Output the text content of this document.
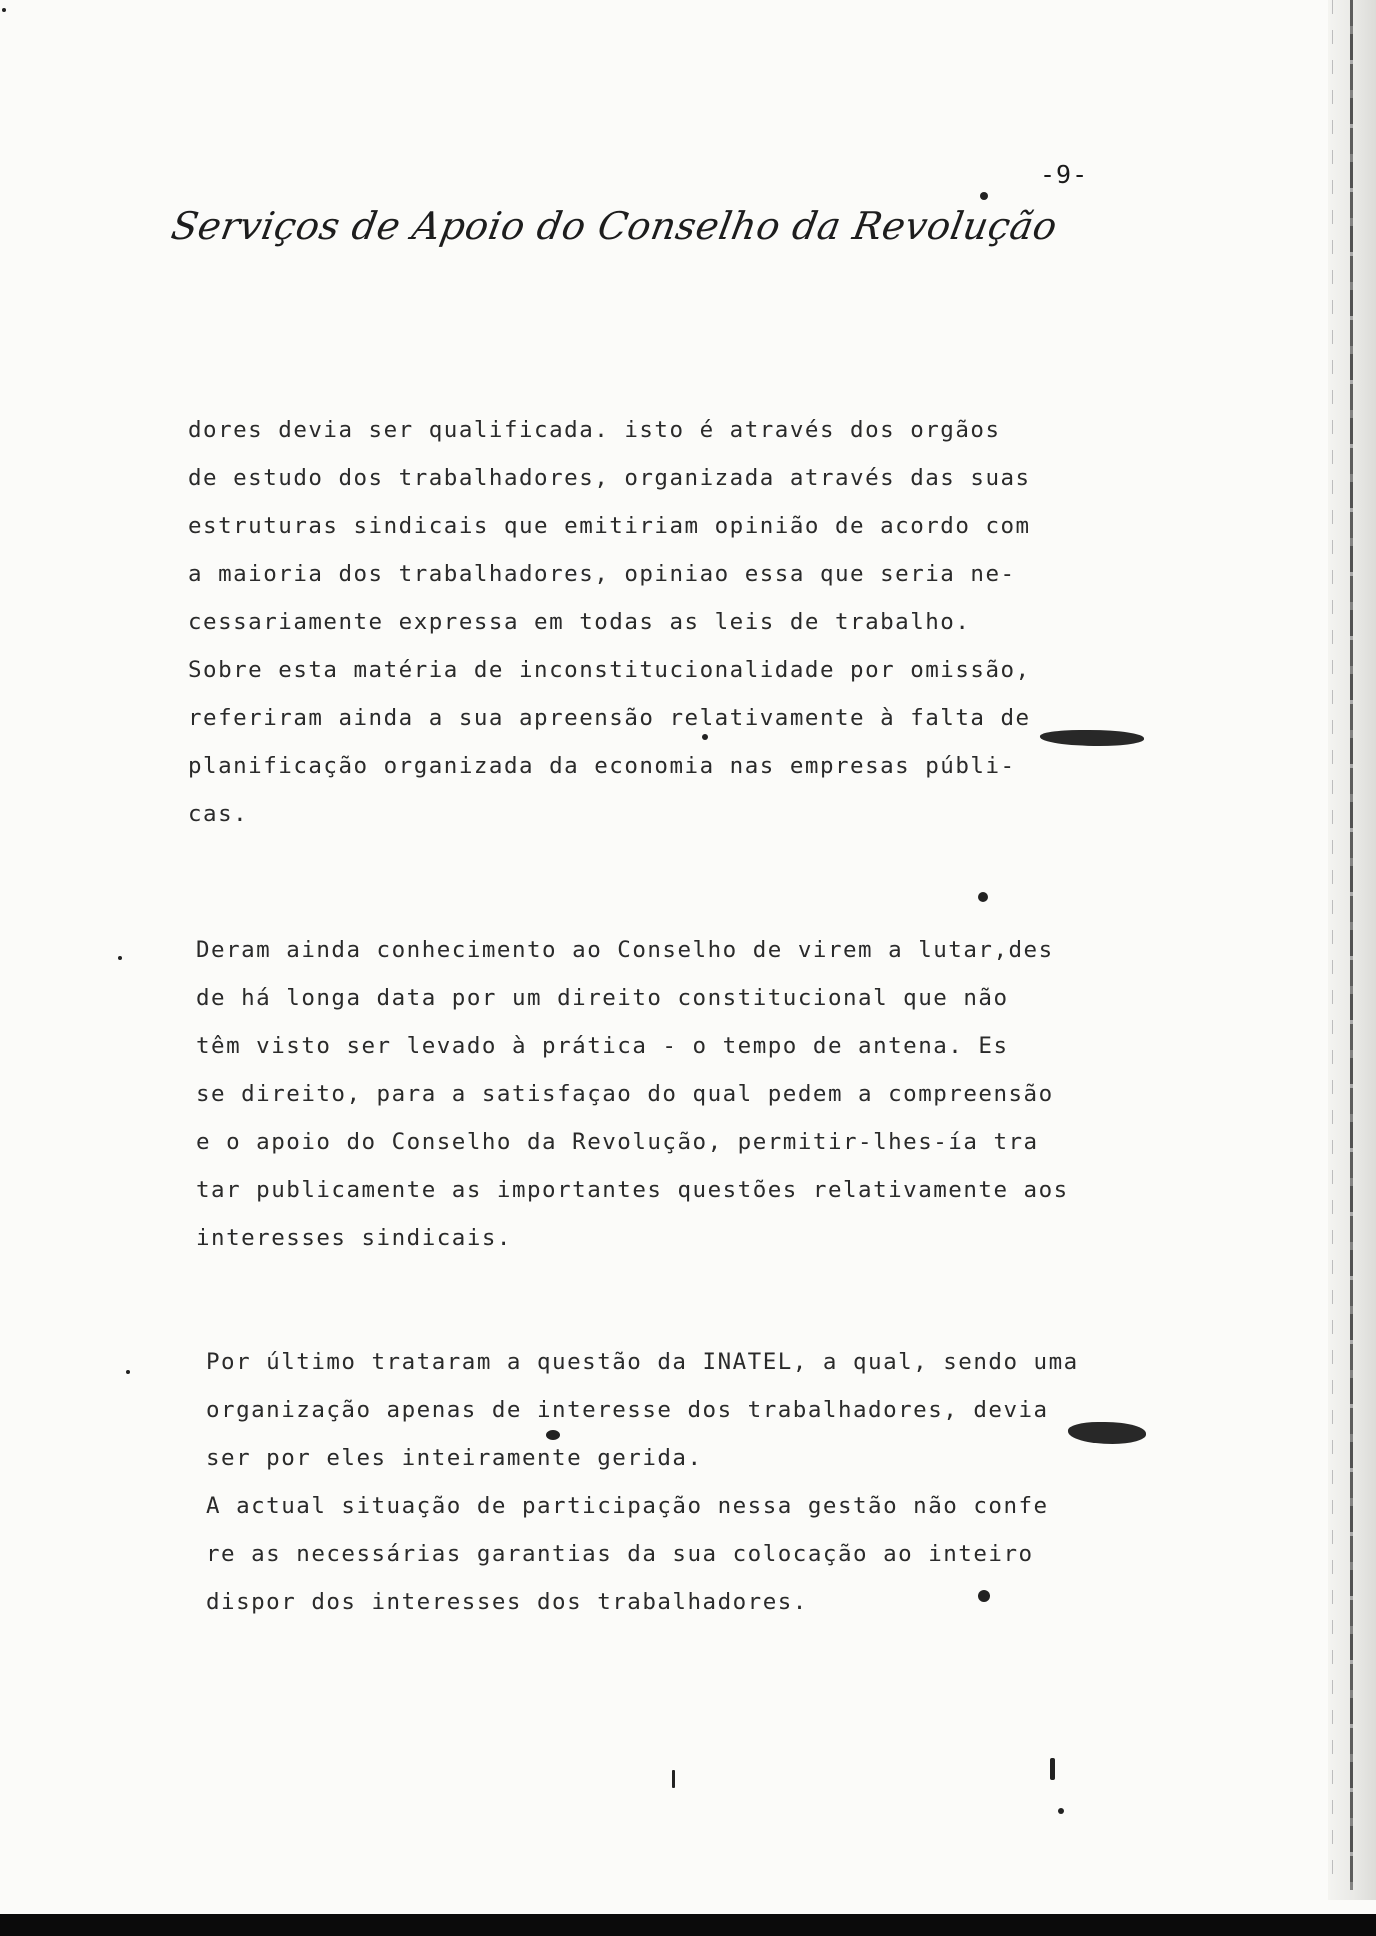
-9-
Serviços de Apoio do Conselho da Revolução
dores devia ser qualificada. isto é através dos orgãos
de estudo dos trabalhadores, organizada através das suas
estruturas sindicais que emitiriam opinião de acordo com
a maioria dos trabalhadores, opiniao essa que seria ne-
cessariamente expressa em todas as leis de trabalho.
Sobre esta matéria de inconstitucionalidade por omissão,
referiram ainda a sua apreensão relativamente à falta de
planificação organizada da economia nas empresas públi-
cas.
Deram ainda conhecimento ao Conselho de virem a lutar,des
de há longa data por um direito constitucional que não
têm visto ser levado à prática - o tempo de antena. Es
se direito, para a satisfaçao do qual pedem a compreensão
e o apoio do Conselho da Revolução, permitir-lhes-ía tra
tar publicamente as importantes questões relativamente aos
interesses sindicais.
Por último trataram a questão da INATEL, a qual, sendo uma
organização apenas de interesse dos trabalhadores, devia
ser por eles inteiramente gerida.
A actual situação de participação nessa gestão não confe
re as necessárias garantias da sua colocação ao inteiro
dispor dos interesses dos trabalhadores.
